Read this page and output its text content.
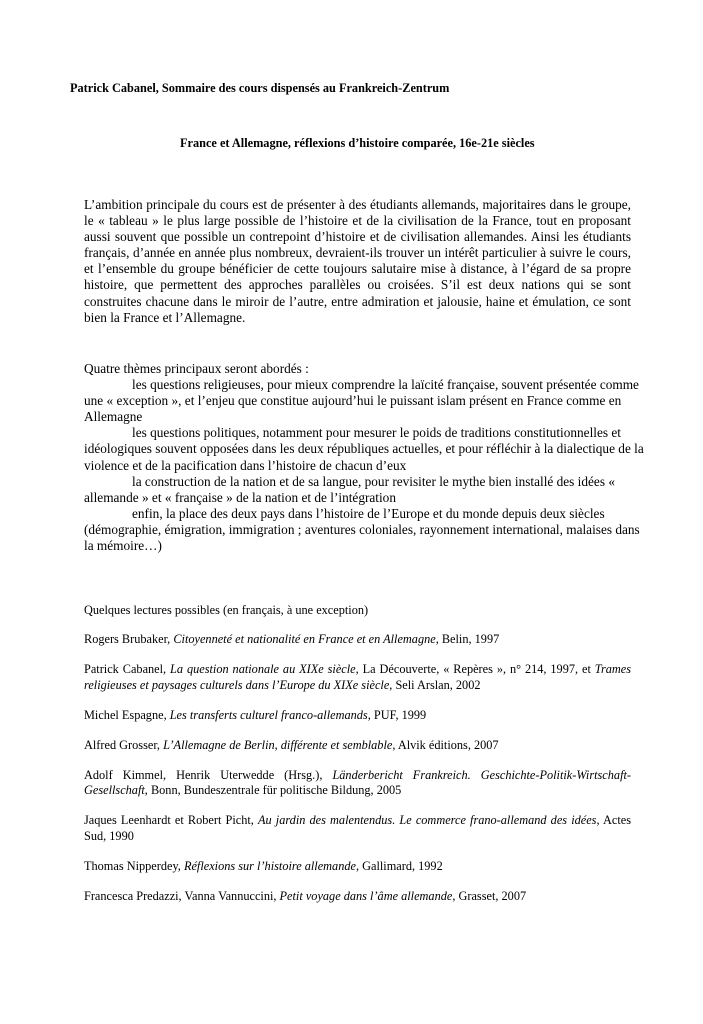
Patrick Cabanel, Sommaire des cours dispensés au Frankreich-Zentrum
France et Allemagne, réflexions d’histoire comparée, 16e-21e siècles
L’ambition principale du cours est de présenter à des étudiants allemands, majoritaires dans le groupe, le « tableau » le plus large possible de l’histoire et de la civilisation de la France, tout en proposant aussi souvent que possible un contrepoint d’histoire et de civilisation allemandes. Ainsi les étudiants français, d’année en année plus nombreux, devraient-ils trouver un intérêt particulier à suivre le cours, et l’ensemble du groupe bénéficier de cette toujours salutaire mise à distance, à l’égard de sa propre histoire, que permettent des approches parallèles ou croisées. S’il est deux nations qui se sont construites chacune dans le miroir de l’autre, entre admiration et jalousie, haine et émulation, ce sont bien la France et l’Allemagne.

Quatre thèmes principaux seront abordés :

les questions religieuses, pour mieux comprendre la laïcité française, souvent présentée comme une « exception », et l’enjeu que constitue aujourd’hui le puissant islam présent en France comme en Allemagne

les questions politiques, notamment pour mesurer le poids de traditions constitutionnelles et idéologiques souvent opposées dans les deux républiques actuelles, et pour réfléchir à la dialectique de la violence et de la pacification dans l’histoire de chacun d’eux

la construction de la nation et de sa langue, pour revisiter le mythe bien installé des idées « allemande » et « française » de la nation et de l’intégration

enfin, la place des deux pays dans l’histoire de l’Europe et du monde depuis deux siècles (démographie, émigration, immigration ; aventures coloniales, rayonnement international, malaises dans la mémoire…)

Quelques lectures possibles (en français, à une exception)

Rogers Brubaker, Citoyenneté et nationalité en France et en Allemagne, Belin, 1997

Patrick Cabanel, La question nationale au XIXe siècle, La Découverte, « Repères », n° 214, 1997, et Trames religieuses et paysages culturels dans l’Europe du XIXe siècle, Seli Arslan, 2002

Michel Espagne, Les transferts culturel franco-allemands, PUF, 1999

Alfred Grosser, L’Allemagne de Berlin, différente et semblable, Alvik éditions, 2007

Adolf Kimmel, Henrik Uterwedde (Hrsg.), Länderbericht Frankreich. Geschichte-Politik-Wirtschaft-Gesellschaft, Bonn, Bundeszentrale für politische Bildung, 2005

Jaques Leenhardt et Robert Picht, Au jardin des malentendus. Le commerce frano-allemand des idées, Actes Sud, 1990

Thomas Nipperdey, Réflexions sur l’histoire allemande, Gallimard, 1992

Francesca Predazzi, Vanna Vannuccini, Petit voyage dans l’âme allemande, Grasset, 2007
